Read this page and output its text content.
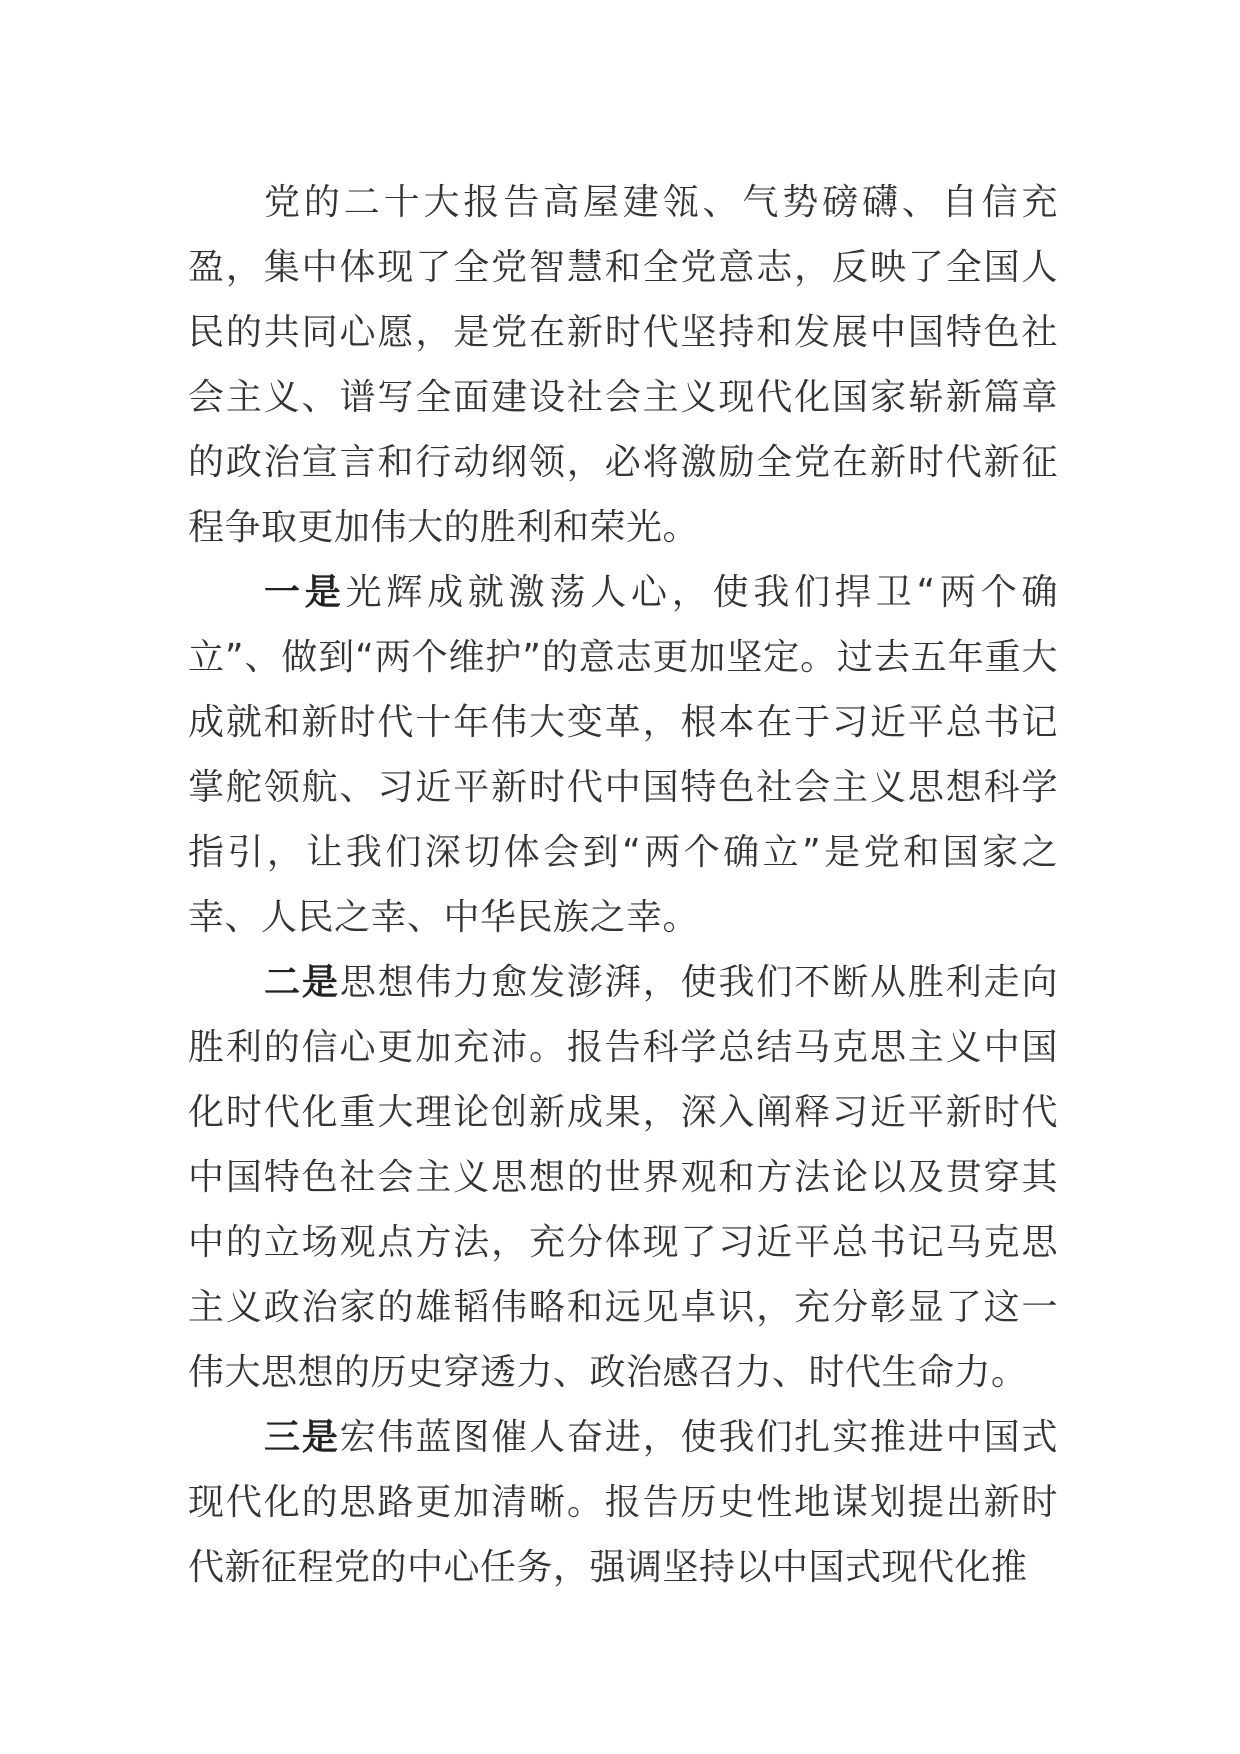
党的二十大报告高屋建瓴、气势磅礴、自信充盈，集中体现了全党智慧和全党意志，反映了全国人民的共同心愿，是党在新时代坚持和发展中国特色社会主义、谱写全面建设社会主义现代化国家崭新篇章的政治宣言和行动纲领，必将激励全党在新时代新征程争取更加伟大的胜利和荣光。

一是光辉成就激荡人心，使我们捍卫“两个确立”、做到“两个维护”的意志更加坚定。过去五年重大成就和新时代十年伟大变革，根本在于习近平总书记掌舵领航、习近平新时代中国特色社会主义思想科学指引，让我们深切体会到“两个确立”是党和国家之幸、人民之幸、中华民族之幸。

二是思想伟力愈发澎湃，使我们不断从胜利走向胜利的信心更加充沛。报告科学总结马克思主义中国化时代化重大理论创新成果，深入阐释习近平新时代中国特色社会主义思想的世界观和方法论以及贯穿其中的立场观点方法，充分体现了习近平总书记马克思主义政治家的雄韬伟略和远见卓识，充分彰显了这一伟大思想的历史穿透力、政治感召力、时代生命力。

三是宏伟蓝图催人奋进，使我们扎实推进中国式现代化的思路更加清晰。报告历史性地谋划提出新时代新征程党的中心任务，强调坚持以中国式现代化推
